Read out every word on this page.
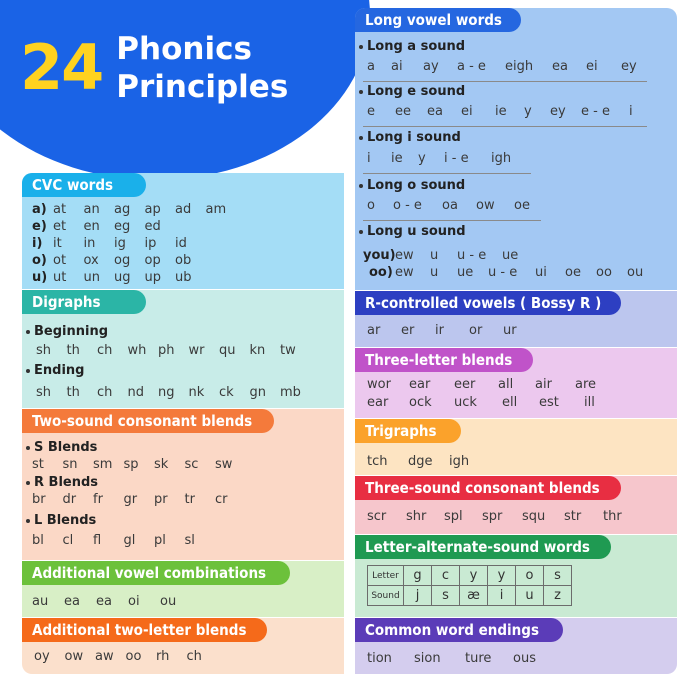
24 Phonics
Principles
CVC words
a) at an ag ap ad am
e) et en eg ed
i) it in ig ip id
o) ot ox og op ob
u) ut un ug up ub
Digraphs
Beginning
sh th ch wh ph wr qu kn tw
Ending
sh th ch nd ng nk ck gn mb
Two-sound consonant blends
S Blends
st sn sm sp sk sc sw
R Blends
br dr fr gr pr tr cr
L Blends
bl cl fl gl pl sl
Additional vowel combinations
au ea ea oi ou
Additional two-letter blends
oy ow aw oo rh ch
Long vowel words
Long a sound
a ai ay a - e eigh ea ei ey
Long e sound
e ee ea ei ie y ey e - e i
Long i sound
i ie y i - e igh
Long o sound
o o - e oa ow oe
Long u sound
you) ew u u - e ue
oo) ew u ue u - e ui oe oo ou
R-controlled vowels ( Bossy R )
ar er ir or ur
Three-letter blends
wor ear eer all air are
ear ock uck ell est ill
Trigraphs
tch dge igh
Three-sound consonant blends
scr shr spl spr squ str thr
Letter-alternate-sound words
Letter	g	c	y	y	o	s
Sound	j	s	æ	i	u	z
Common word endings
tion sion ture ous
